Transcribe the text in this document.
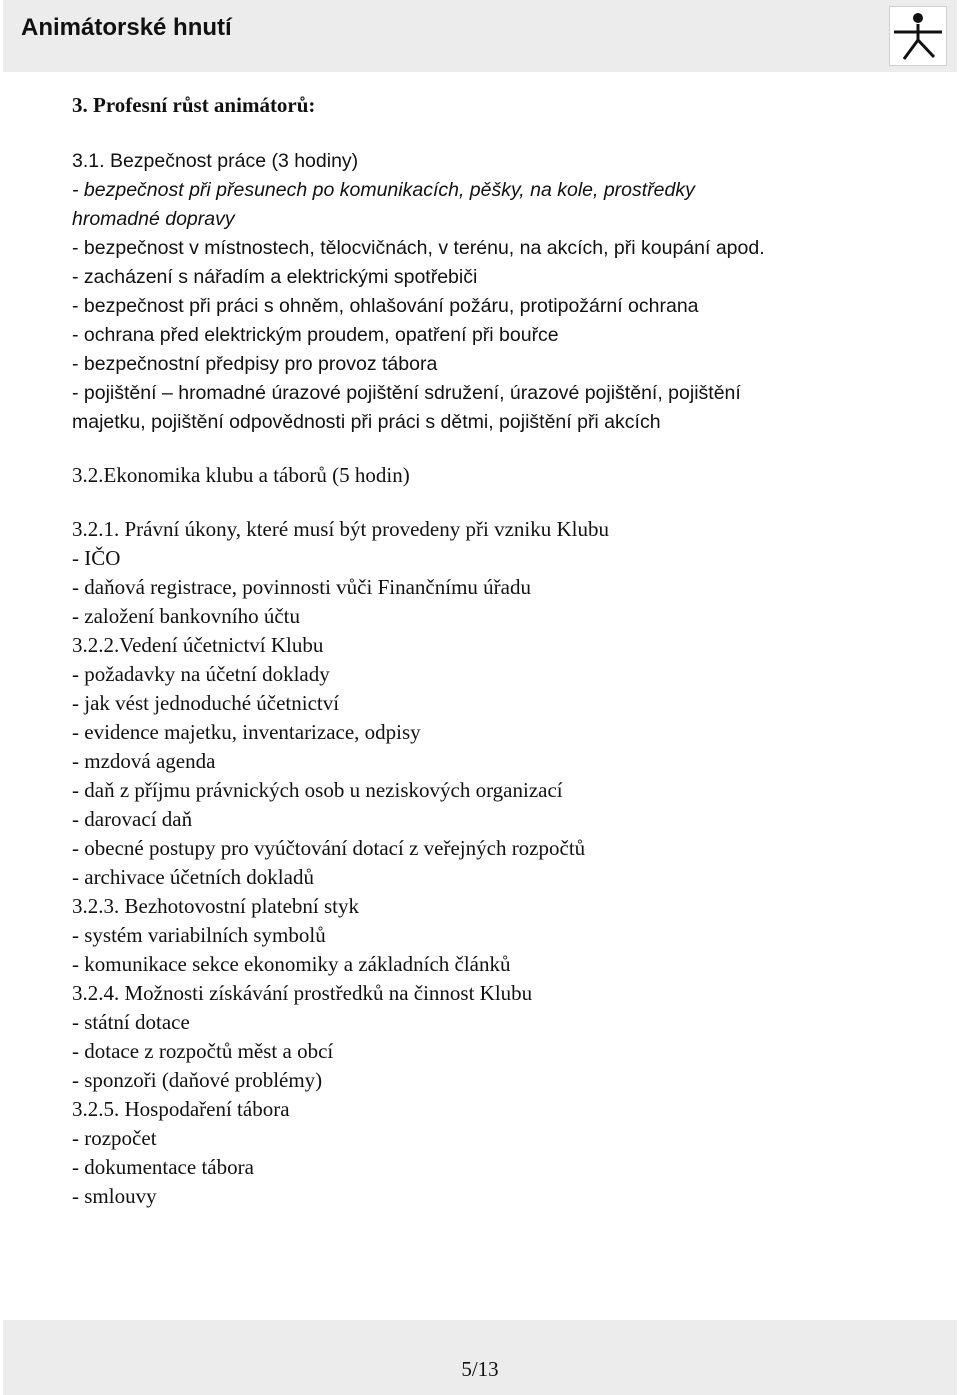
Animátorské hnutí
3. Profesní růst animátorů:
3.1. Bezpečnost práce (3 hodiny)
- bezpečnost při přesunech po komunikacích, pěšky, na kole, prostředky
hromadné dopravy
- bezpečnost v místnostech, tělocvičnách, v terénu, na akcích, při koupání apod.
- zacházení s nářadím a elektrickými spotřebiči
- bezpečnost při práci s ohněm, ohlašování požáru, protipožární ochrana
- ochrana před elektrickým proudem, opatření při bouřce
- bezpečnostní předpisy pro provoz tábora
- pojištění – hromadné úrazové pojištění sdružení, úrazové pojištění, pojištění
majetku, pojištění odpovědnosti při práci s dětmi, pojištění při akcích
3.2.Ekonomika klubu a táborů (5 hodin)
3.2.1. Právní úkony, které musí být provedeny při vzniku Klubu
- IČO
- daňová registrace, povinnosti vůči Finančnímu úřadu
- založení bankovního účtu
3.2.2.Vedení účetnictví Klubu
- požadavky na účetní doklady
- jak vést jednoduché účetnictví
- evidence majetku, inventarizace, odpisy
- mzdová agenda
- daň z příjmu právnických osob u neziskových organizací
- darovací daň
- obecné postupy pro vyúčtování dotací z veřejných rozpočtů
- archivace účetních dokladů
3.2.3. Bezhotovostní platební styk
- systém variabilních symbolů
- komunikace sekce ekonomiky a základních článků
3.2.4. Možnosti získávání prostředků na činnost Klubu
- státní dotace
- dotace z rozpočtů měst a obcí
- sponzoři (daňové problémy)
3.2.5. Hospodaření tábora
- rozpočet
- dokumentace tábora
- smlouvy
5/13
